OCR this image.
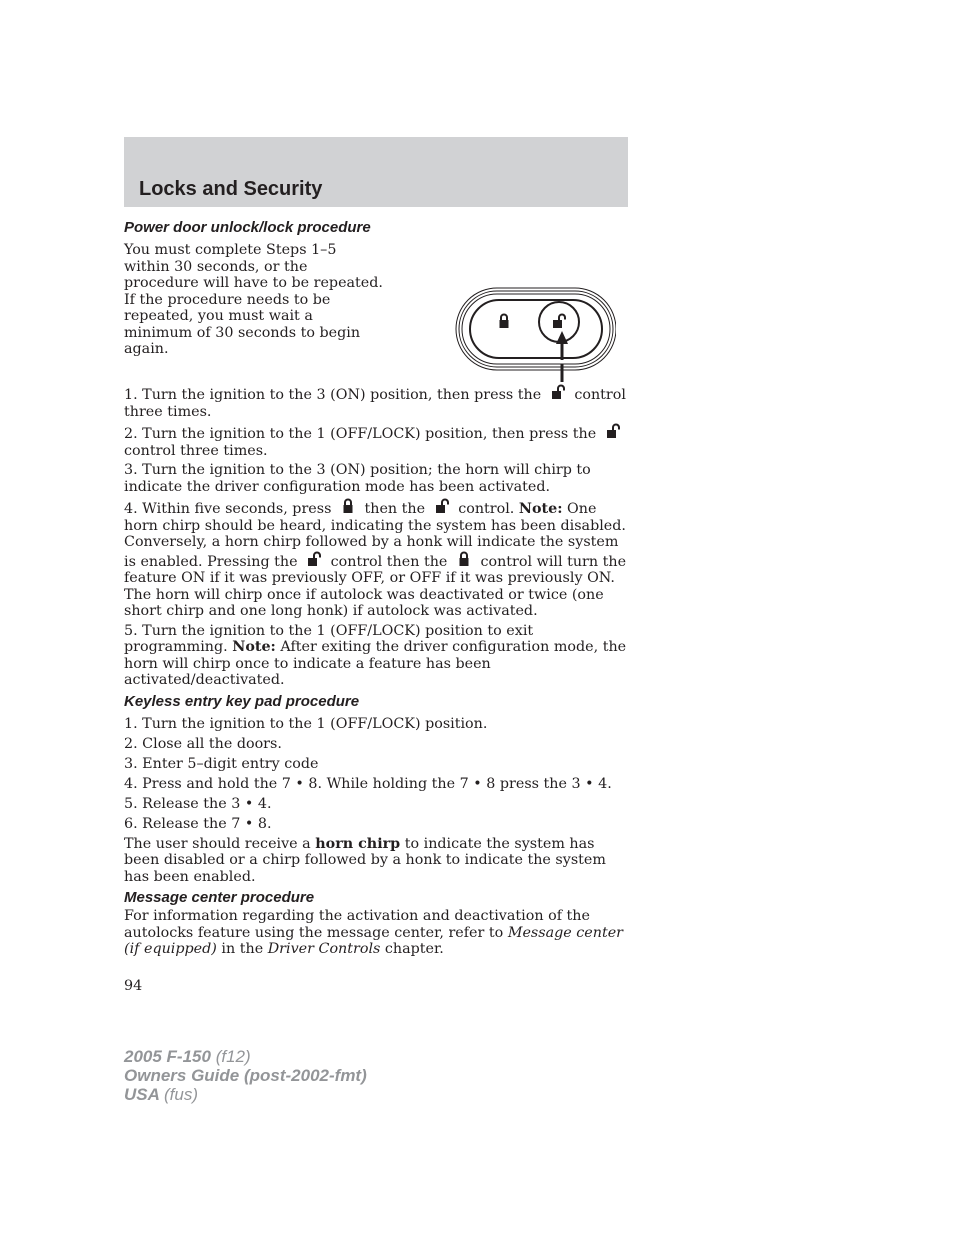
Locks and Security
Power door unlock/lock procedure

You must complete Steps 1–5 within 30 seconds, or the procedure will have to be repeated. If the procedure needs to be repeated, you must wait a minimum of 30 seconds to begin again.

1. Turn the ignition to the 3 (ON) position, then press the control three times.

2. Turn the ignition to the 1 (OFF/LOCK) position, then press the
control three times.

3. Turn the ignition to the 3 (ON) position; the horn will chirp to indicate the driver configuration mode has been activated.

4. Within five seconds, press then the control. Note: One horn chirp should be heard, indicating the system has been disabled. Conversely, a horn chirp followed by a honk will indicate the system is enabled. Pressing the control then the control will turn the feature ON if it was previously OFF, or OFF if it was previously ON. The horn will chirp once if autolock was deactivated or twice (one short chirp and one long honk) if autolock was activated.

5. Turn the ignition to the 1 (OFF/LOCK) position to exit programming. Note: After exiting the driver configuration mode, the horn will chirp once to indicate a feature has been activated/deactivated.

Keyless entry key pad procedure

1. Turn the ignition to the 1 (OFF/LOCK) position.

2. Close all the doors.

3. Enter 5–digit entry code

4. Press and hold the 7 • 8. While holding the 7 • 8 press the 3 • 4.

5. Release the 3 • 4.

6. Release the 7 • 8.

The user should receive a horn chirp to indicate the system has been disabled or a chirp followed by a honk to indicate the system has been enabled.

Message center procedure

For information regarding the activation and deactivation of the autolocks feature using the message center, refer to Message center (if equipped) in the Driver Controls chapter.

94
2005 F-150 (f12)
Owners Guide (post-2002-fmt)
USA (fus)
